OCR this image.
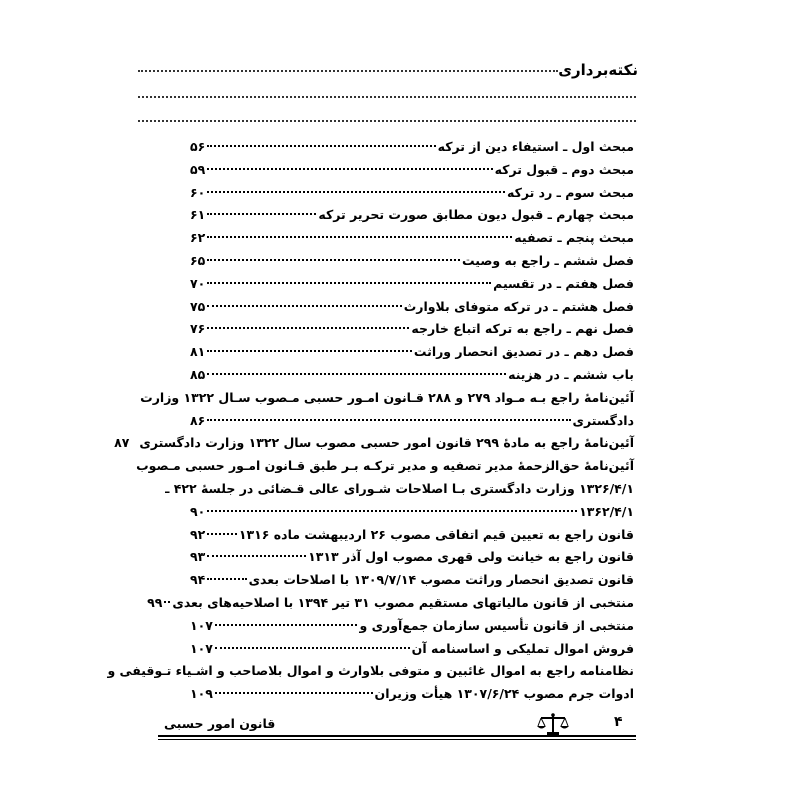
نکته‌برداری
مبحث اول ـ استیفاء دین از ترکه
۵۶
مبحث دوم ـ قبول ترکه
۵۹
مبحث سوم ـ رد ترکه
۶۰
مبحث چهارم ـ قبول دیون مطابق صورت تحریر ترکه
۶۱
مبحث پنجم ـ تصفیه
۶۲
فصل ششم ـ راجع به وصیت
۶۵
فصل هفتم ـ در تقسیم
۷۰
فصل هشتم ـ در ترکه متوفای بلاوارث
۷۵
فصل نهم ـ راجع به ترکه اتباع خارجه
۷۶
فصل دهم ـ در تصدیق انحصار وراثت
۸۱
باب ششم ـ در هزینه
۸۵
آئین‌نامهٔ راجع بـه مـواد ۲۷۹ و ۲۸۸ قـانون امـور حسبی مـصوب سـال ۱۳۲۲ وزارت
دادگستری
۸۶
آئین‌نامهٔ راجع به مادهٔ ۲۹۹ قانون امور حسبی مصوب سال ۱۳۲۲ وزارت دادگستری
۸۷
آئین‌نامهٔ حق‌الزحمهٔ مدیر تصفیه و مدیر ترکـه بـر طبق قـانون امـور حسبی مـصوب
۱۳۲۶/۴/۱ وزارت دادگستری بـا اصلاحات شـورای عالی قـضائی در جلسهٔ ۴۲۲ ـ
۱۳۶۲/۴/۱
۹۰
قانون راجع به تعیین قیم اتفاقی مصوب ۲۶ اردیبهشت ماده ۱۳۱۶
۹۲
قانون راجع به خیانت ولی قهری مصوب اول آذر ۱۳۱۳
۹۳
قانون تصدیق انحصار وراثت مصوب ۱۳۰۹/۷/۱۴ با اصلاحات بعدی
۹۴
منتخبی از قانون مالیاتهای مستقیم مصوب ۳۱ تیر ۱۳۹۴ با اصلاحیه‌های بعدی
۹۹
منتخبی از قانون تأسیس سازمان جمع‌آوری و
۱۰۷
فروش اموال تملیکی و اساسنامه آن
۱۰۷
نظامنامه راجع به اموال غائبین و متوفی بلاوارث و اموال بلاصاحب و اشـیاء تـوقیفی و
ادوات جرم مصوب ۱۳۰۷/۶/۲۴ هیأت وزیران
۱۰۹
۴
قانون امور حسبی
